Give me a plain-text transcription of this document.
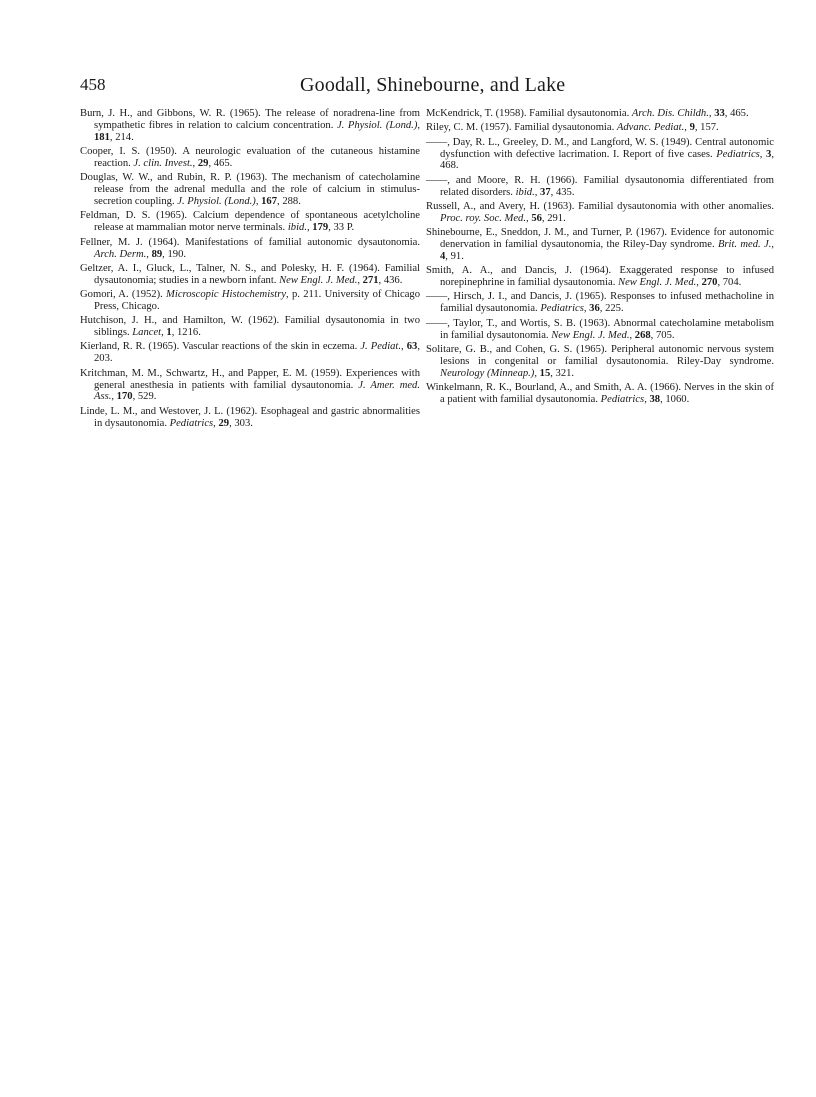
458	Goodall, Shinebourne, and Lake

Burn, J. H., and Gibbons, W. R. (1965). The release of noradrena-line from sympathetic fibres in relation to calcium concentration. J. Physiol. (Lond.), 181, 214.

Cooper, I. S. (1950). A neurologic evaluation of the cutaneous histamine reaction. J. clin. Invest., 29, 465.

Douglas, W. W., and Rubin, R. P. (1963). The mechanism of catecholamine release from the adrenal medulla and the role of calcium in stimulus-secretion coupling. J. Physiol. (Lond.), 167, 288.

Feldman, D. S. (1965). Calcium dependence of spontaneous acetylcholine release at mammalian motor nerve terminals. ibid., 179, 33 P.

Fellner, M. J. (1964). Manifestations of familial autonomic dysautonomia. Arch. Derm., 89, 190.

Geltzer, A. I., Gluck, L., Talner, N. S., and Polesky, H. F. (1964). Familial dysautonomia; studies in a newborn infant. New Engl. J. Med., 271, 436.

Gomori, A. (1952). Microscopic Histochemistry, p. 211. University of Chicago Press, Chicago.

Hutchison, J. H., and Hamilton, W. (1962). Familial dysautonomia in two siblings. Lancet, 1, 1216.

Kierland, R. R. (1965). Vascular reactions of the skin in eczema. J. Pediat., 63, 203.

Kritchman, M. M., Schwartz, H., and Papper, E. M. (1959). Experiences with general anesthesia in patients with familial dysautonomia. J. Amer. med. Ass., 170, 529.

Linde, L. M., and Westover, J. L. (1962). Esophageal and gastric abnormalities in dysautonomia. Pediatrics, 29, 303.

McKendrick, T. (1958). Familial dysautonomia. Arch. Dis. Childh., 33, 465.

Riley, C. M. (1957). Familial dysautonomia. Advanc. Pediat., 9, 157.

——, Day, R. L., Greeley, D. M., and Langford, W. S. (1949). Central autonomic dysfunction with defective lacrimation. I. Report of five cases. Pediatrics, 3, 468.

——, and Moore, R. H. (1966). Familial dysautonomia differentiated from related disorders. ibid., 37, 435.

Russell, A., and Avery, H. (1963). Familial dysautonomia with other anomalies. Proc. roy. Soc. Med., 56, 291.

Shinebourne, E., Sneddon, J. M., and Turner, P. (1967). Evidence for autonomic denervation in familial dysautonomia, the Riley-Day syndrome. Brit. med. J., 4, 91.

Smith, A. A., and Dancis, J. (1964). Exaggerated response to infused norepinephrine in familial dysautonomia. New Engl. J. Med., 270, 704.

——, Hirsch, J. I., and Dancis, J. (1965). Responses to infused methacholine in familial dysautonomia. Pediatrics, 36, 225.

——, Taylor, T., and Wortis, S. B. (1963). Abnormal catecholamine metabolism in familial dysautonomia. New Engl. J. Med., 268, 705.

Solitare, G. B., and Cohen, G. S. (1965). Peripheral autonomic nervous system lesions in congenital or familial dysautonomia. Riley-Day syndrome. Neurology (Minneap.), 15, 321.

Winkelmann, R. K., Bourland, A., and Smith, A. A. (1966). Nerves in the skin of a patient with familial dysautonomia. Pediatrics, 38, 1060.
